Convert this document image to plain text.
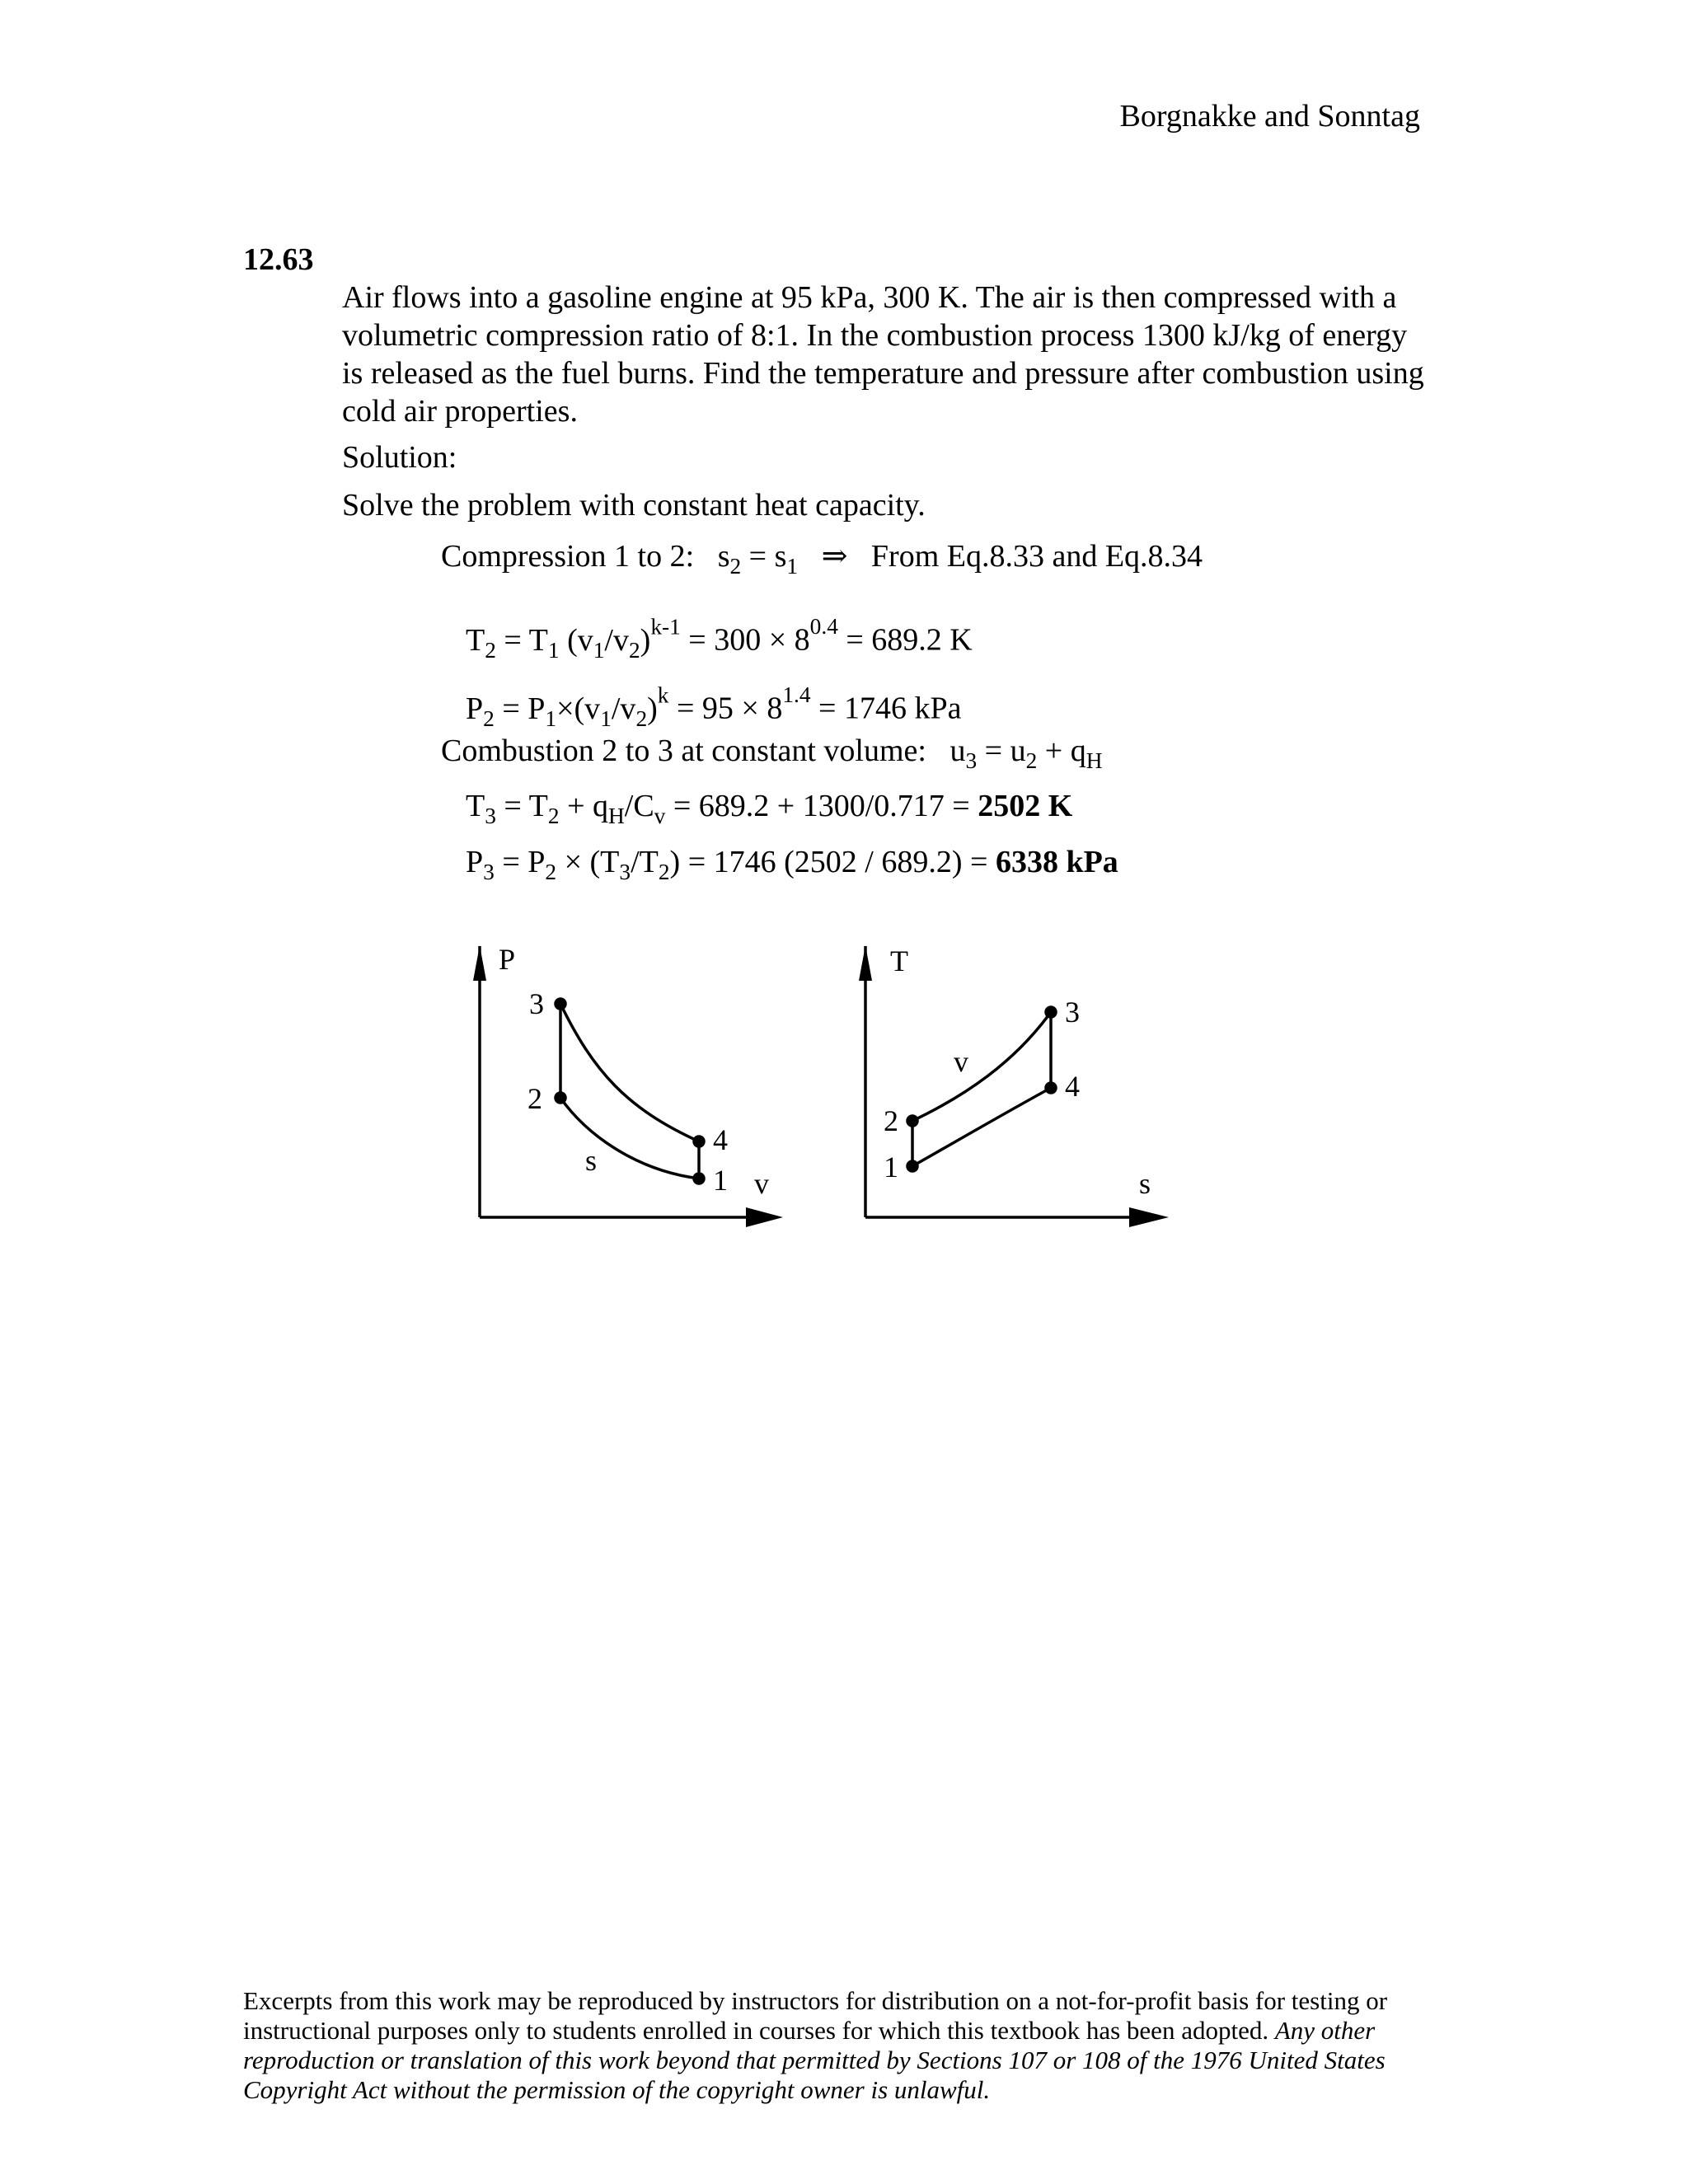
Borgnakke and Sonntag
12.63
Air flows into a gasoline engine at 95 kPa, 300 K. The air is then compressed with a volumetric compression ratio of 8:1. In the combustion process 1300 kJ/kg of energy is released as the fuel burns. Find the temperature and pressure after combustion using cold air properties.
Solution:
Solve the problem with constant heat capacity.
Compression 1 to 2: $s_2 = s_1$ ⇒ From Eq.8.33 and Eq.8.34
$T_2 = T_1$ $(v_1/v_2)^{k-1} = 300 \times 8^{0.4} = 689.2$ K
$P_2 = P_1\times(v_1/v_2)^k = 95 \times 8^{1.4} = 1746$ kPa
Combustion 2 to 3 at constant volume: $u_3 = u_2 + q_H$
$T_3 = T_2 + q_H/C_v = 689.2 + 1300/0.717 = 2502$ K
$P_3 = P_2 \times (T_3/T_2) = 1746$ (2502 / 689.2) = 6338 kPa
P
3
2
4
1
s
v
T
2
1
3
4
v
s
Excerpts from this work may be reproduced by instructors for distribution on a not-for-profit basis for testing or instructional purposes only to students enrolled in courses for which this textbook has been adopted. Any other reproduction or translation of this work beyond that permitted by Sections 107 or 108 of the 1976 United States Copyright Act without the permission of the copyright owner is unlawful.
